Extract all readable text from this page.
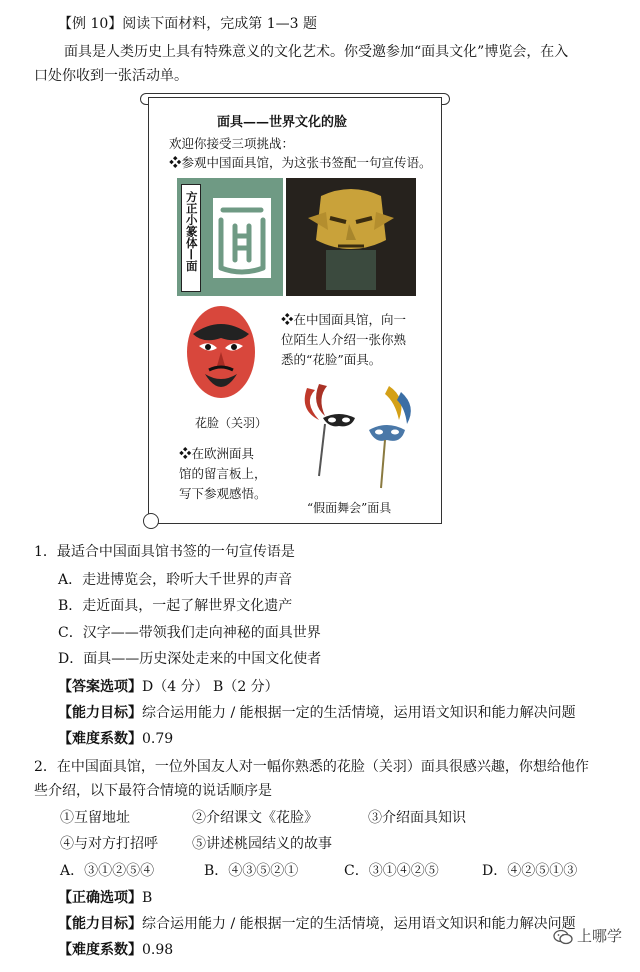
【例 10】阅读下面材料，完成第 1—3 题
面具是人类历史上具有特殊意义的文化艺术。你受邀参加“面具文化”博览会，在入
口处你收到一张活动单。
面具——世界文化的脸
欢迎你接受三项挑战：
❖参观中国面具馆，为这张书签配一句宣传语。
方正小篆体—面
花脸（关羽）
❖在中国面具馆，向一
位陌生人介绍一张你熟
悉的“花脸”面具。
❖在欧洲面具
馆的留言板上，
写下参观感悟。
“假面舞会”面具
1．最适合中国面具馆书签的一句宣传语是
A．走进博览会，聆听大千世界的声音
B．走近面具，一起了解世界文化遗产
C．汉字——带领我们走向神秘的面具世界
D．面具——历史深处走来的中国文化使者
【答案选项】D（4 分） B（2 分）
【能力目标】综合运用能力 / 能根据一定的生活情境，运用语文知识和能力解决问题
【难度系数】0.79
2．在中国面具馆，一位外国友人对一幅你熟悉的花脸（关羽）面具很感兴趣，你想给他作
些介绍，以下最符合情境的说话顺序是
①互留地址	②介绍课文《花脸》	③介绍面具知识
④与对方打招呼 ⑤讲述桃园结义的故事
A．③①②⑤④	B．④③⑤②①	C．③①④②⑤	D．④②⑤①③
【正确选项】B
【能力目标】综合运用能力 / 能根据一定的生活情境，运用语文知识和能力解决问题
【难度系数】0.98
上哪学
